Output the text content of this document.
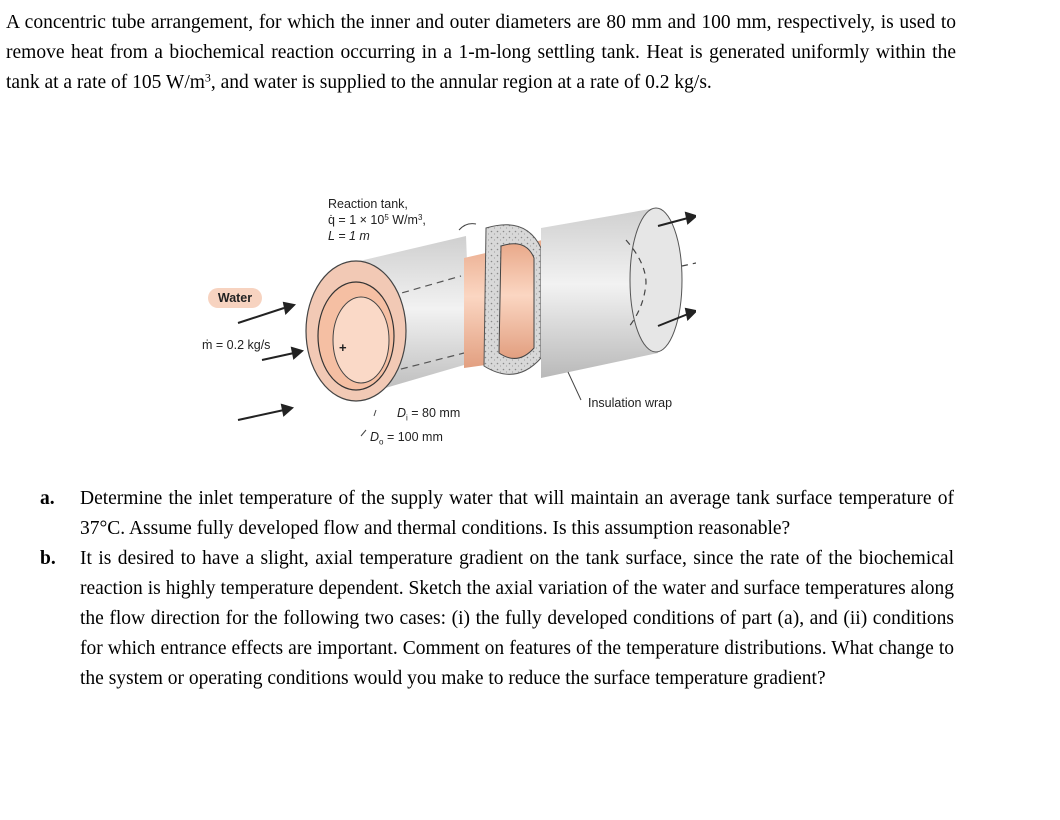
A concentric tube arrangement, for which the inner and outer diameters are 80 mm and 100 mm, respectively, is used to remove heat from a biochemical reaction occurring in a 1-m-long settling tank. Heat is generated uniformly within the tank at a rate of 105 $W/m^3$, and water is supplied to the annular region at a rate of 0.2 kg/s.

Reaction tank,
q̇ = $1 \times 10^5$ $W/m^3$,
L = 1 m
Water
ṁ = 0.2 kg/s	+
$D_i = 80$ mm
$D_o = 100$ mm
Insulation wrap
a. Determine the inlet temperature of the supply water that will maintain an average tank surface temperature of 37°C. Assume fully developed flow and thermal conditions. Is this assumption reasonable?
b. It is desired to have a slight, axial temperature gradient on the tank surface, since the rate of the biochemical reaction is highly temperature dependent. Sketch the axial variation of the water and surface temperatures along the flow direction for the following two cases: (i) the fully developed conditions of part (a), and (ii) conditions for which entrance effects are important. Comment on features of the temperature distributions. What change to the system or operating conditions would you make to reduce the surface temperature gradient?
